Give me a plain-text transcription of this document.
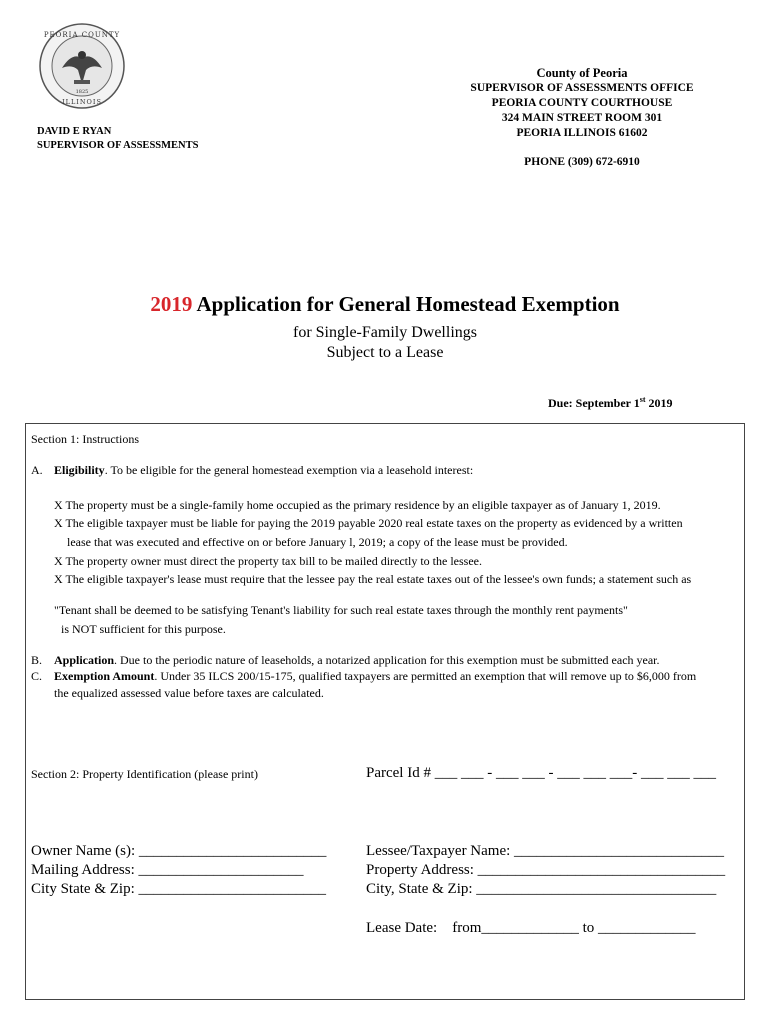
PEORIA COUNTY
ILLINOIS
1825
County of Peoria
SUPERVISOR OF ASSESSMENTS OFFICE
PEORIA COUNTY COURTHOUSE
324 MAIN STREET ROOM 301
PEORIA ILLINOIS 61602
PHONE (309) 672-6910
DAVID E RYAN
SUPERVISOR OF ASSESSMENTS
2019 Application for General Homestead Exemption
for Single-Family Dwellings
Subject to a Lease
Due: September 1st 2019
Section 1: Instructions
A. Eligibility. To be eligible for the general homestead exemption via a leasehold interest:
X The property must be a single-family home occupied as the primary residence by an eligible taxpayer as of January 1, 2019.
X The eligible taxpayer must be liable for paying the 2019 payable 2020 real estate taxes on the property as evidenced by a written
lease that was executed and effective on or before January l, 2019; a copy of the lease must be provided.
X The property owner must direct the property tax bill to be mailed directly to the lessee.
X The eligible taxpayer's lease must require that the lessee pay the real estate taxes out of the lessee's own funds; a statement such as
"Tenant shall be deemed to be satisfying Tenant's liability for such real estate taxes through the monthly rent payments"
is NOT sufficient for this purpose.
B. Application. Due to the periodic nature of leaseholds, a notarized application for this exemption must be submitted each year.
C. Exemption Amount. Under 35 ILCS 200/15-175, qualified taxpayers are permitted an exemption that will remove up to $6,000 from
the equalized assessed value before taxes are calculated.
Section 2: Property Identification (please print)	Parcel Id # ___ ___ - ___ ___ - ___ ___ ___- ___ ___ ___
Owner Name (s): _________________________
Mailing Address: ______________________
City State & Zip: _________________________
Lessee/Taxpayer Name: ____________________________
Property Address: _________________________________
City, State & Zip: ________________________________
Lease Date:    from_____________ to _____________
